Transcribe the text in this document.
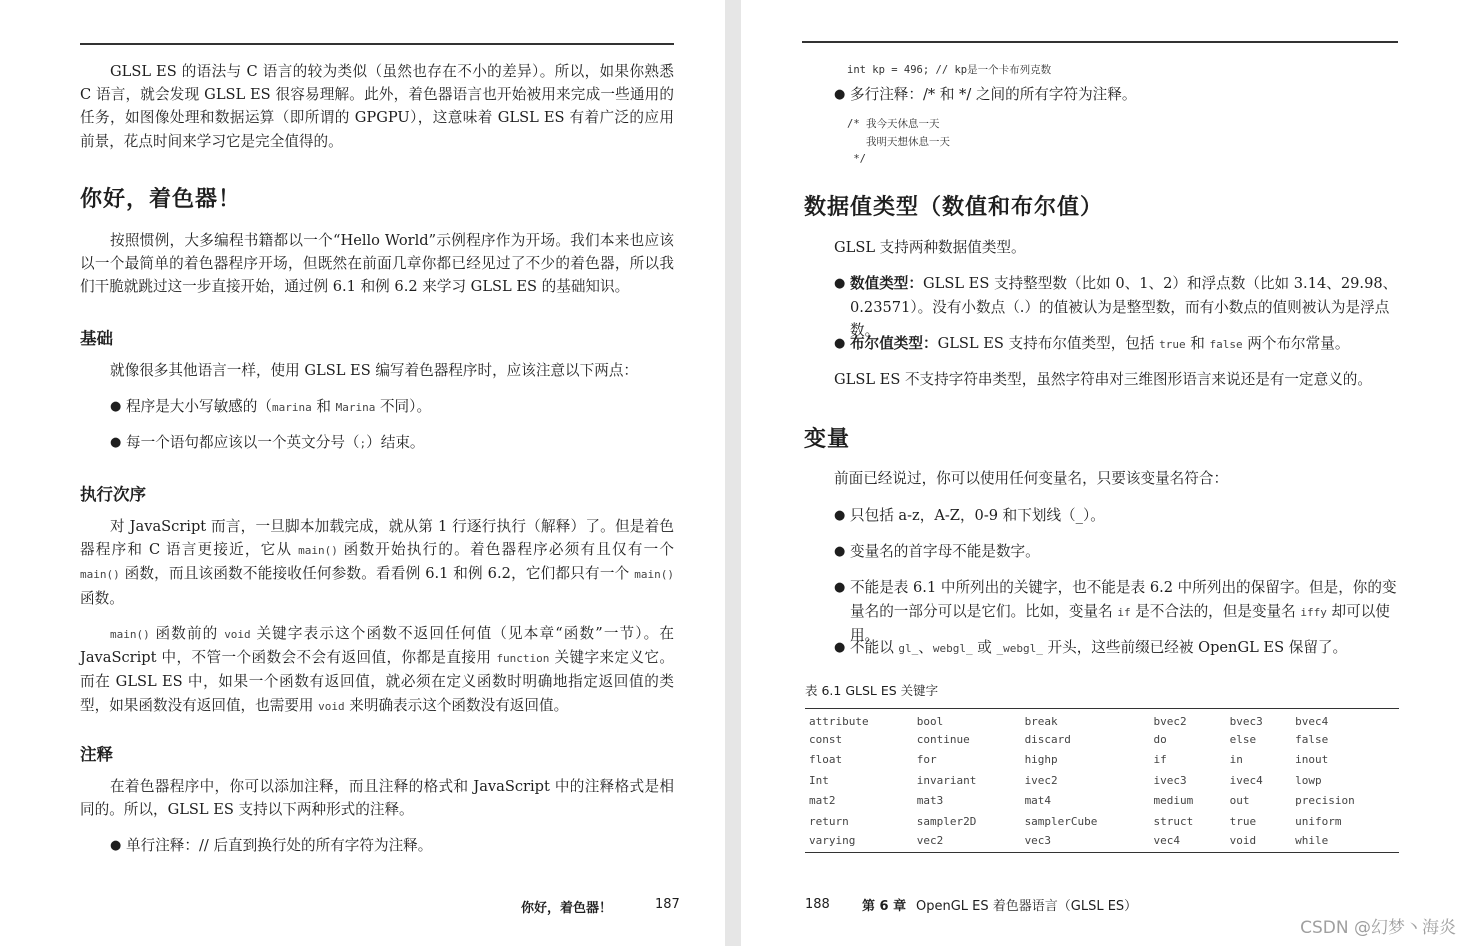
GLSL ES 的语法与 C 语言的较为类似（虽然也存在不小的差异）。所以，如果你熟悉 C 语言，就会发现 GLSL ES 很容易理解。此外，着色器语言也开始被用来完成一些通用的任务，如图像处理和数据运算（即所谓的 GPGPU），这意味着 GLSL ES 有着广泛的应用前景，花点时间来学习它是完全值得的。
你好，着色器！
按照惯例，大多编程书籍都以一个“Hello World”示例程序作为开场。我们本来也应该以一个最简单的着色器程序开场，但既然在前面几章你都已经见过了不少的着色器，所以我们干脆就跳过这一步直接开始，通过例 6.1 和例 6.2 来学习 GLSL ES 的基础知识。
基础
就像很多其他语言一样，使用 GLSL ES 编写着色器程序时，应该注意以下两点：
● 程序是大小写敏感的（marina 和 Marina 不同）。
● 每一个语句都应该以一个英文分号（;）结束。
执行次序
对 JavaScript 而言，一旦脚本加载完成，就从第 1 行逐行执行（解释）了。但是着色器程序和 C 语言更接近，它从 main() 函数开始执行的。着色器程序必须有且仅有一个 main() 函数，而且该函数不能接收任何参数。看看例 6.1 和例 6.2，它们都只有一个 main() 函数。
main() 函数前的 void 关键字表示这个函数不返回任何值（见本章“函数”一节）。在 JavaScript 中，不管一个函数会不会有返回值，你都是直接用 function 关键字来定义它。而在 GLSL ES 中，如果一个函数有返回值，就必须在定义函数时明确地指定返回值的类型，如果函数没有返回值，也需要用 void 来明确表示这个函数没有返回值。
注释
在着色器程序中，你可以添加注释，而且注释的格式和 JavaScript 中的注释格式是相同的。所以，GLSL ES 支持以下两种形式的注释。
● 单行注释：// 后直到换行处的所有字符为注释。
你好，着色器！	187
int kp = 496; // kp是一个卡布列克数
● 多行注释：/* 和 */ 之间的所有字符为注释。
/* 我今天休息一天
我明天想休息一天
*/
数据值类型（数值和布尔值）
GLSL 支持两种数据值类型。
● 数值类型：GLSL ES 支持整型数（比如 0、1、2）和浮点数（比如 3.14、29.98、0.23571）。没有小数点（.）的值被认为是整型数，而有小数点的值则被认为是浮点数。
● 布尔值类型：GLSL ES 支持布尔值类型，包括 true 和 false 两个布尔常量。
GLSL ES 不支持字符串类型，虽然字符串对三维图形语言来说还是有一定意义的。
变量
前面已经说过，你可以使用任何变量名，只要该变量名符合：
● 只包括 a-z，A-Z，0-9 和下划线（_）。
● 变量名的首字母不能是数字。
● 不能是表 6.1 中所列出的关键字，也不能是表 6.2 中所列出的保留字。但是，你的变量名的一部分可以是它们。比如，变量名 if 是不合法的，但是变量名 iffy 却可以使用。
● 不能以 gl_、webgl_ 或 _webgl_ 开头，这些前缀已经被 OpenGL ES 保留了。
表 6.1 GLSL ES 关键字
attribute	bool	break	bvec2	bvec3	bvec4
const	continue	discard	do	else	false
float	for	highp	if	in	inout
Int	invariant	ivec2	ivec3	ivec4	lowp
mat2	mat3	mat4	medium	out	precision
return	sampler2D	samplerCube	struct	true	uniform
varying	vec2	vec3	vec4	void	while
188 第 6 章 OpenGL ES 着色器语言（GLSL ES）
CSDN @幻梦丶海炎
